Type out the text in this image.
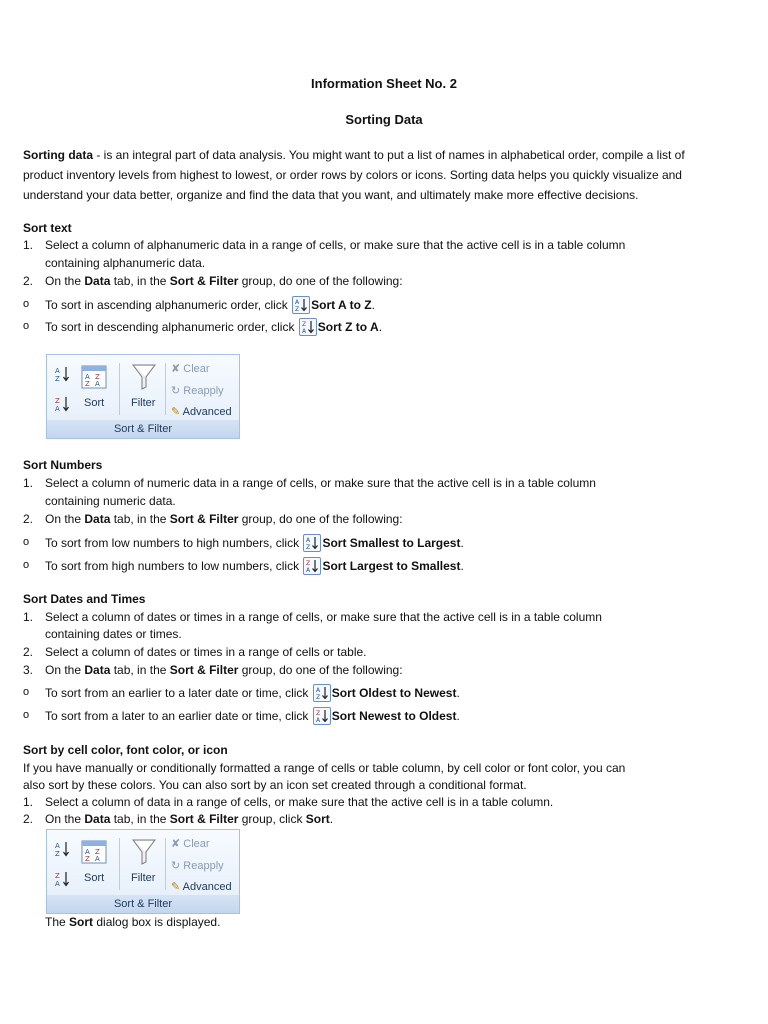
Information Sheet No. 2
Sorting Data
Sorting data - is an integral part of data analysis. You might want to put a list of names in alphabetical order, compile a list of
product inventory levels from highest to lowest, or order rows by colors or icons. Sorting data helps you quickly visualize and
understand your data better, organize and find the data that you want, and ultimately make more effective decisions.
Sort text
1. Select a column of alphanumeric data in a range of cells, or make sure that the active cell is in a table column
containing alphanumeric data.
2. On the Data tab, in the Sort & Filter group, do one of the following:
o To sort in ascending alphanumeric order, click A
Z Sort A to Z.
o To sort in descending alphanumeric order, click Z
A Sort Z to A.
A
Z
Z
A
A Z
Z A
Sort Filter
✘ Clear
↻ Reapply
✎ Advanced
Sort & Filter
Sort Numbers
1. Select a column of numeric data in a range of cells, or make sure that the active cell is in a table column
containing numeric data.
2. On the Data tab, in the Sort & Filter group, do one of the following:
o To sort from low numbers to high numbers, click A
Z Sort Smallest to Largest.
o To sort from high numbers to low numbers, click Z
A Sort Largest to Smallest.
Sort Dates and Times
1. Select a column of dates or times in a range of cells, or make sure that the active cell is in a table column
containing dates or times.
2. Select a column of dates or times in a range of cells or table.
3. On the Data tab, in the Sort & Filter group, do one of the following:
o To sort from an earlier to a later date or time, click A
Z Sort Oldest to Newest.
o To sort from a later to an earlier date or time, click Z
A Sort Newest to Oldest.
Sort by cell color, font color, or icon
If you have manually or conditionally formatted a range of cells or table column, by cell color or font color, you can
also sort by these colors. You can also sort by an icon set created through a conditional format.
1. Select a column of data in a range of cells, or make sure that the active cell is in a table column.
2. On the Data tab, in the Sort & Filter group, click Sort.
A
Z
Z
A
A Z
Z A
Sort Filter
✘ Clear
↻ Reapply
✎ Advanced
Sort & Filter
The Sort dialog box is displayed.
